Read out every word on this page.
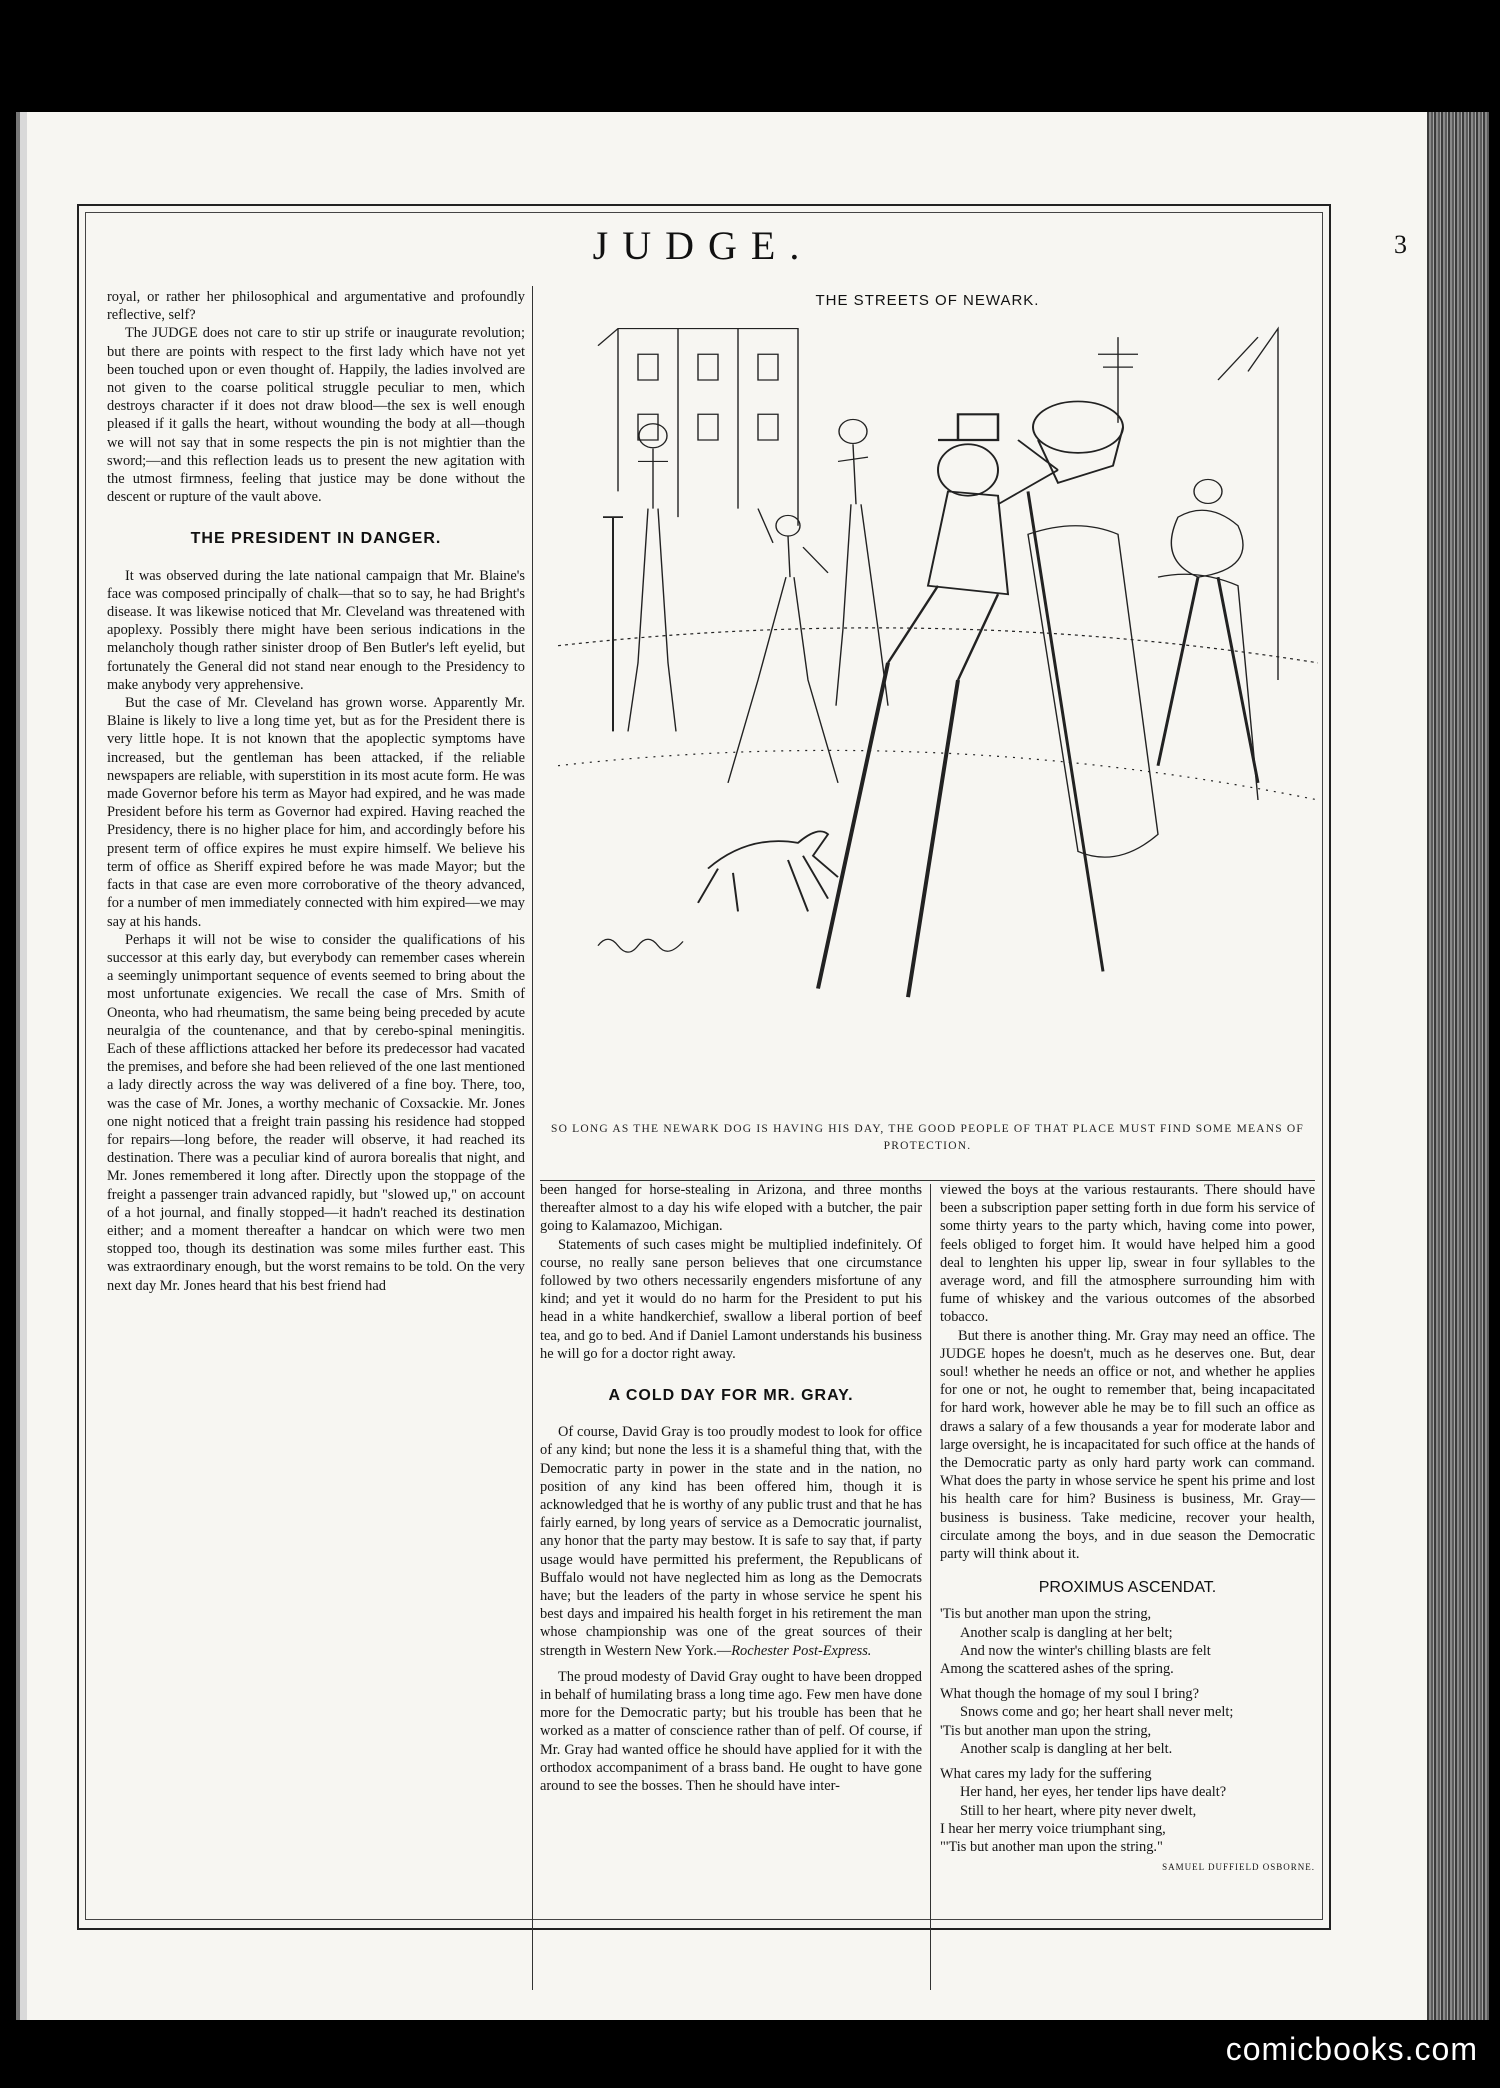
JUDGE.	3

royal, or rather her philosophical and argumentative and profoundly reflective, self?

The JUDGE does not care to stir up strife or inaugurate revolution; but there are points with respect to the first lady which have not yet been touched upon or even thought of. Happily, the ladies involved are not given to the coarse political struggle peculiar to men, which destroys character if it does not draw blood—the sex is well enough pleased if it galls the heart, without wounding the body at all—though we will not say that in some respects the pin is not mightier than the sword;—and this reflection leads us to present the new agitation with the utmost firmness, feeling that justice may be done without the descent or rupture of the vault above.

THE PRESIDENT IN DANGER.

It was observed during the late national campaign that Mr. Blaine's face was composed principally of chalk—that so to say, he had Bright's disease. It was likewise noticed that Mr. Cleveland was threatened with apoplexy. Possibly there might have been serious indications in the melancholy though rather sinister droop of Ben Butler's left eyelid, but fortunately the General did not stand near enough to the Presidency to make anybody very apprehensive.

But the case of Mr. Cleveland has grown worse. Apparently Mr. Blaine is likely to live a long time yet, but as for the President there is very little hope. It is not known that the apoplectic symptoms have increased, but the gentleman has been attacked, if the reliable newspapers are reliable, with superstition in its most acute form. He was made Governor before his term as Mayor had expired, and he was made President before his term as Governor had expired. Having reached the Presidency, there is no higher place for him, and accordingly before his present term of office expires he must expire himself. We believe his term of office as Sheriff expired before he was made Mayor; but the facts in that case are even more corroborative of the theory advanced, for a number of men immediately connected with him expired—we may say at his hands.

Perhaps it will not be wise to consider the qualifications of his successor at this early day, but everybody can remember cases wherein a seemingly unimportant sequence of events seemed to bring about the most unfortunate exigencies. We recall the case of Mrs. Smith of Oneonta, who had rheumatism, the same being being preceded by acute neuralgia of the countenance, and that by cerebo-spinal meningitis. Each of these afflictions attacked her before its predecessor had vacated the premises, and before she had been relieved of the one last mentioned a lady directly across the way was delivered of a fine boy. There, too, was the case of Mr. Jones, a worthy mechanic of Coxsackie. Mr. Jones one night noticed that a freight train passing his residence had stopped for repairs—long before, the reader will observe, it had reached its destination. There was a peculiar kind of aurora borealis that night, and Mr. Jones remembered it long after. Directly upon the stoppage of the freight a passenger train advanced rapidly, but "slowed up," on account of a hot journal, and finally stopped—it hadn't reached its destination either; and a moment thereafter a handcar on which were two men stopped too, though its destination was some miles further east. This was extraordinary enough, but the worst remains to be told. On the very next day Mr. Jones heard that his best friend had

THE STREETS OF NEWARK.
SO LONG AS THE NEWARK DOG IS HAVING HIS DAY, THE GOOD PEOPLE OF THAT PLACE MUST FIND SOME MEANS OF PROTECTION.

been hanged for horse-stealing in Arizona, and three months thereafter almost to a day his wife eloped with a butcher, the pair going to Kalamazoo, Michigan.

Statements of such cases might be multiplied indefinitely. Of course, no really sane person believes that one circumstance followed by two others necessarily engenders misfortune of any kind; and yet it would do no harm for the President to put his head in a white handkerchief, swallow a liberal portion of beef tea, and go to bed. And if Daniel Lamont understands his business he will go for a doctor right away.

A COLD DAY FOR MR. GRAY.

Of course, David Gray is too proudly modest to look for office of any kind; but none the less it is a shameful thing that, with the Democratic party in power in the state and in the nation, no position of any kind has been offered him, though it is acknowledged that he is worthy of any public trust and that he has fairly earned, by long years of service as a Democratic journalist, any honor that the party may bestow. It is safe to say that, if party usage would have permitted his preferment, the Republicans of Buffalo would not have neglected him as long as the Democrats have; but the leaders of the party in whose service he spent his best days and impaired his health forget in his retirement the man whose championship was one of the great sources of their strength in Western New York.—Rochester Post-Express.

The proud modesty of David Gray ought to have been dropped in behalf of humilating brass a long time ago. Few men have done more for the Democratic party; but his trouble has been that he worked as a matter of conscience rather than of pelf. Of course, if Mr. Gray had wanted office he should have applied for it with the orthodox accompaniment of a brass band. He ought to have gone around to see the bosses. Then he should have inter-

viewed the boys at the various restaurants. There should have been a subscription paper setting forth in due form his service of some thirty years to the party which, having come into power, feels obliged to forget him. It would have helped him a good deal to lenghten his upper lip, swear in four syllables to the average word, and fill the atmosphere surrounding him with fume of whiskey and the various outcomes of the absorbed tobacco.

But there is another thing. Mr. Gray may need an office. The JUDGE hopes he doesn't, much as he deserves one. But, dear soul! whether he needs an office or not, and whether he applies for one or not, he ought to remember that, being incapacitated for hard work, however able he may be to fill such an office as draws a salary of a few thousands a year for moderate labor and large oversight, he is incapacitated for such office at the hands of the Democratic party as only hard party work can command. What does the party in whose service he spent his prime and lost his health care for him? Business is business, Mr. Gray—business is business. Take medicine, recover your health, circulate among the boys, and in due season the Democratic party will think about it.

PROXIMUS ASCENDAT.
'Tis but another man upon the string,
Another scalp is dangling at her belt;
And now the winter's chilling blasts are felt
Among the scattered ashes of the spring.
What though the homage of my soul I bring?
Snows come and go; her heart shall never melt;
'Tis but another man upon the string,
Another scalp is dangling at her belt.
What cares my lady for the suffering
Her hand, her eyes, her tender lips have dealt?
Still to her heart, where pity never dwelt,
I hear her merry voice triumphant sing,
"'Tis but another man upon the string."
SAMUEL DUFFIELD OSBORNE.
comicbooks.com
